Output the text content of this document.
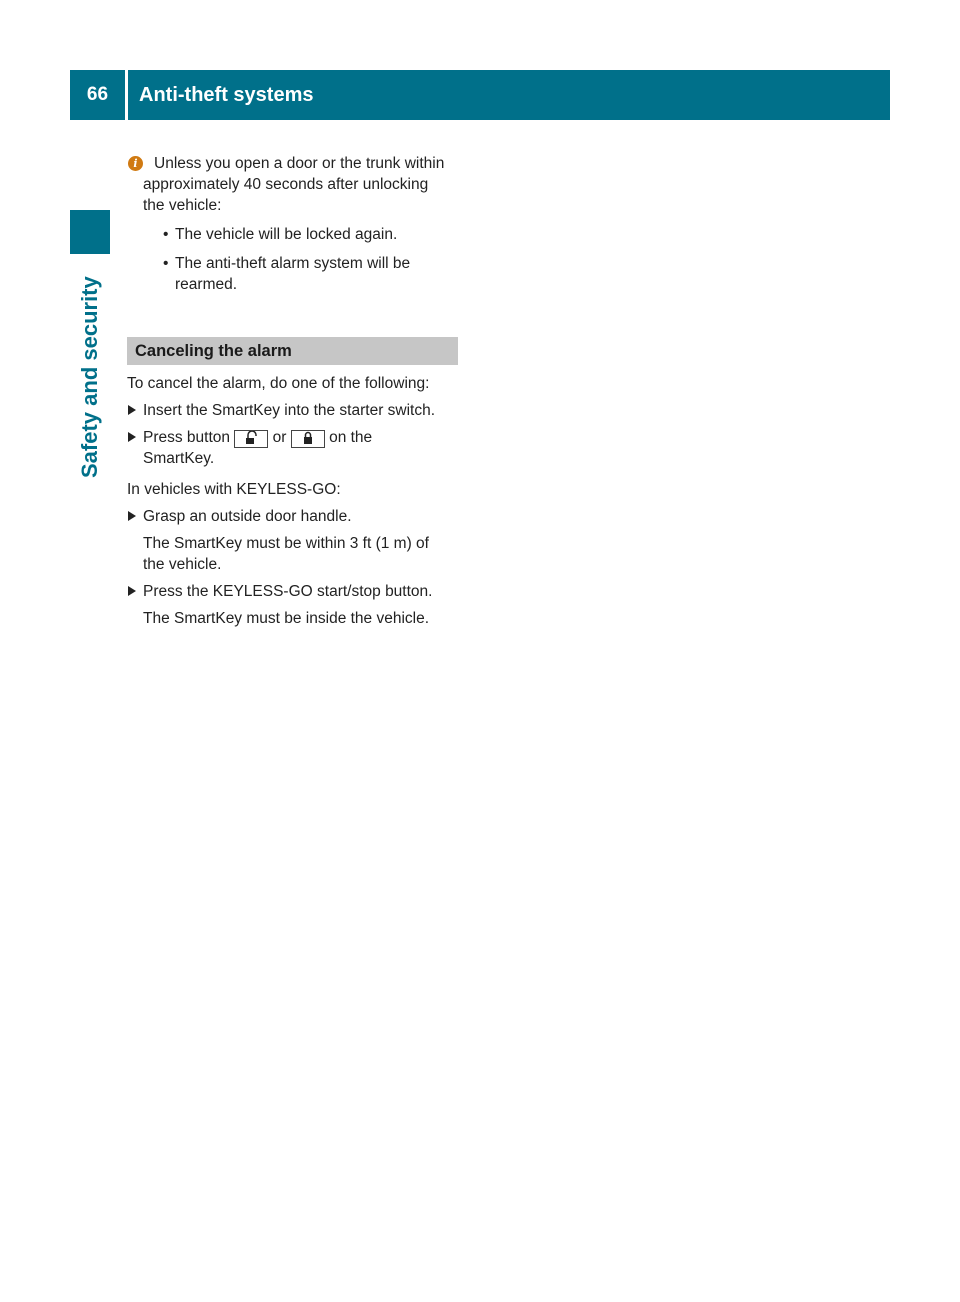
66	Anti-theft systems
Safety and security
i	Unless you open a door or the trunk within

approximately 40 seconds after unlocking

the vehicle:

• The vehicle will be locked again.

• The anti-theft alarm system will be
rearmed.

Canceling the alarm

To cancel the alarm, do one of the following:

Insert the SmartKey into the starter switch.

Press button	or	on the
SmartKey.

In vehicles with KEYLESS-GO:

Grasp an outside door handle.

The SmartKey must be within 3 ft (1 m) of
the vehicle.

Press the KEYLESS-GO start/stop button.

The SmartKey must be inside the vehicle.
